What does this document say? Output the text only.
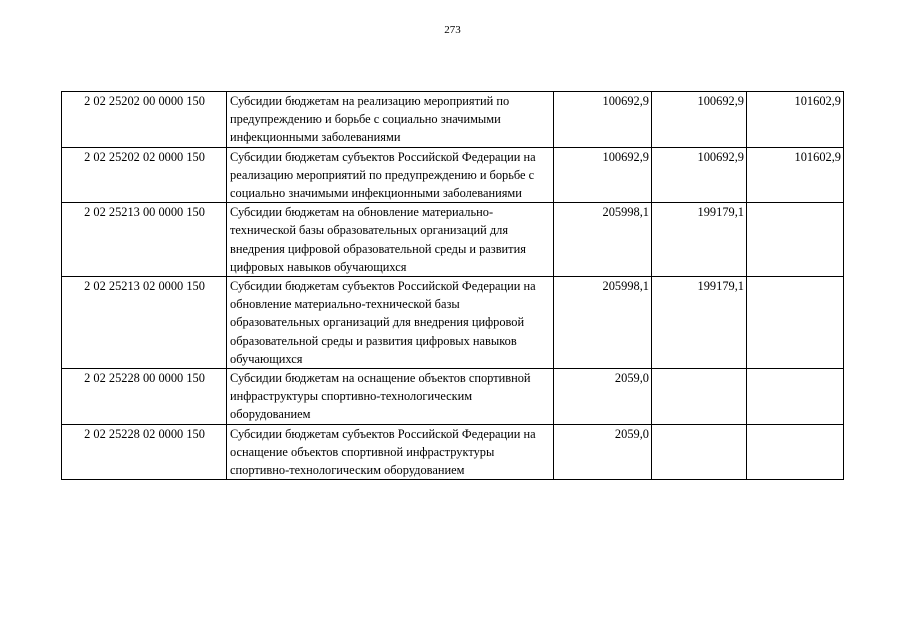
273
2 02 25202 00 0000 150	Субсидии бюджетам на реализацию мероприятий по предупреждению и борьбе с социально значимыми инфекционными заболеваниями	100692,9	100692,9	101602,9
2 02 25202 02 0000 150	Субсидии бюджетам субъектов Российской Федерации на реализацию мероприятий по предупреждению и борьбе с социально значимыми инфекционными заболеваниями	100692,9	100692,9	101602,9
2 02 25213 00 0000 150	Субсидии бюджетам на обновление материально-технической базы образовательных организаций для внедрения цифровой образовательной среды и развития цифровых навыков обучающихся	205998,1	199179,1	
2 02 25213 02 0000 150	Субсидии бюджетам субъектов Российской Федерации на обновление материально-технической базы образовательных организаций для внедрения цифровой образовательной среды и развития цифровых навыков обучающихся	205998,1	199179,1	
2 02 25228 00 0000 150	Субсидии бюджетам на оснащение объектов спортивной инфраструктуры спортивно-технологическим оборудованием	2059,0		
2 02 25228 02 0000 150	Субсидии бюджетам субъектов Российской Федерации на оснащение объектов спортивной инфраструктуры спортивно-технологическим оборудованием	2059,0		
